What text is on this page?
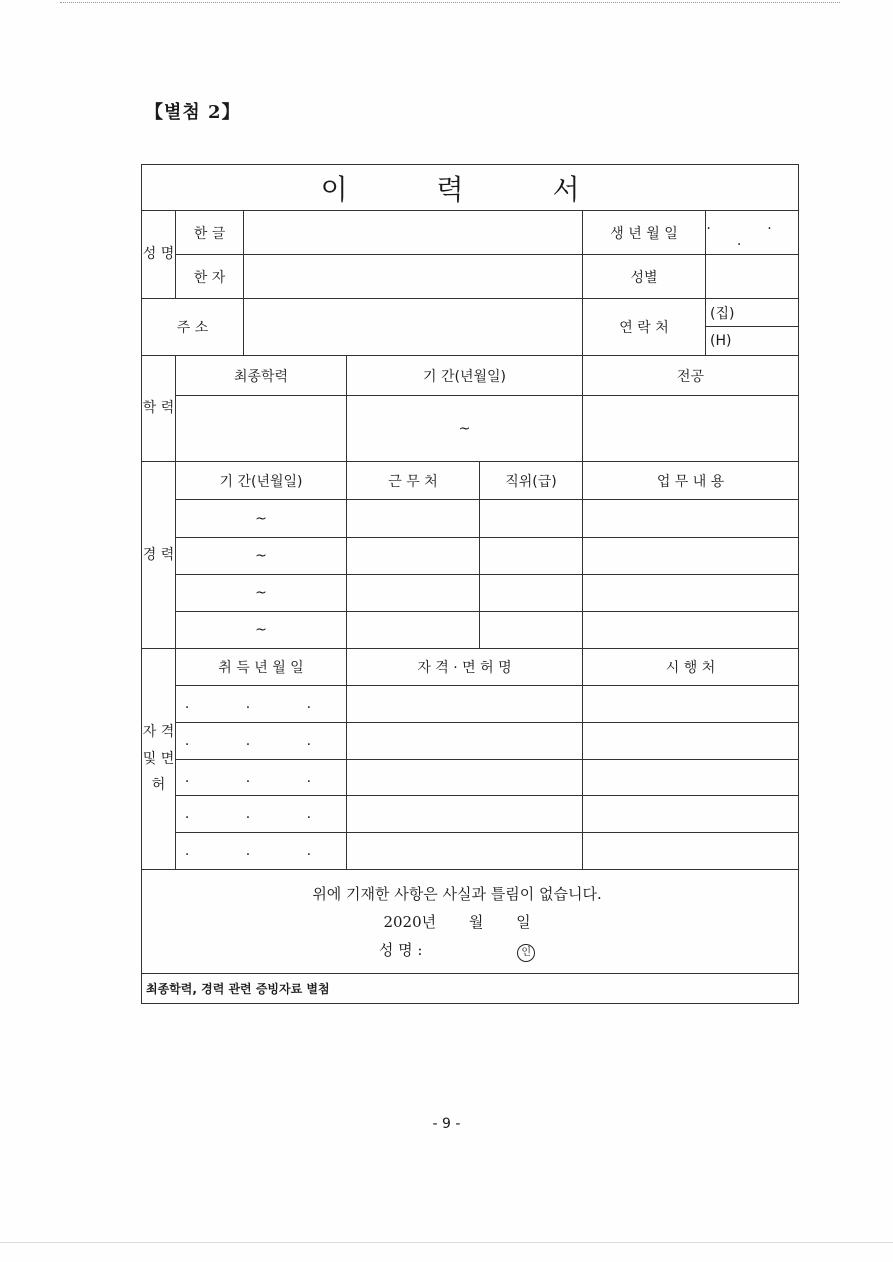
【별첨 2】
이 력 서						
성 명	한 글				생 년 월 일	. . .
	한 자				성별	
주 소					연 락 처	(집)
						(H)
학 력	최종학력		기 간(년월일)		전공	
			~			
경 력	기 간(년월일)		근 무 처	직위(급)	업 무 내 용	
	~					
	~					
	~					
	~					
자 격 및 면 허	취 득 년 월 일		자 격 · 면 허 명		시 행 처	
	. . .					
	. . .					
	. . .					
	. . .					
	. . .					

위에 기재한 사항은 사실과 틀림이 없습니다.
2020년 월 일
성 명 : 인						

최종학력, 경력 관련 증빙자료 별첨						
- 9 -
